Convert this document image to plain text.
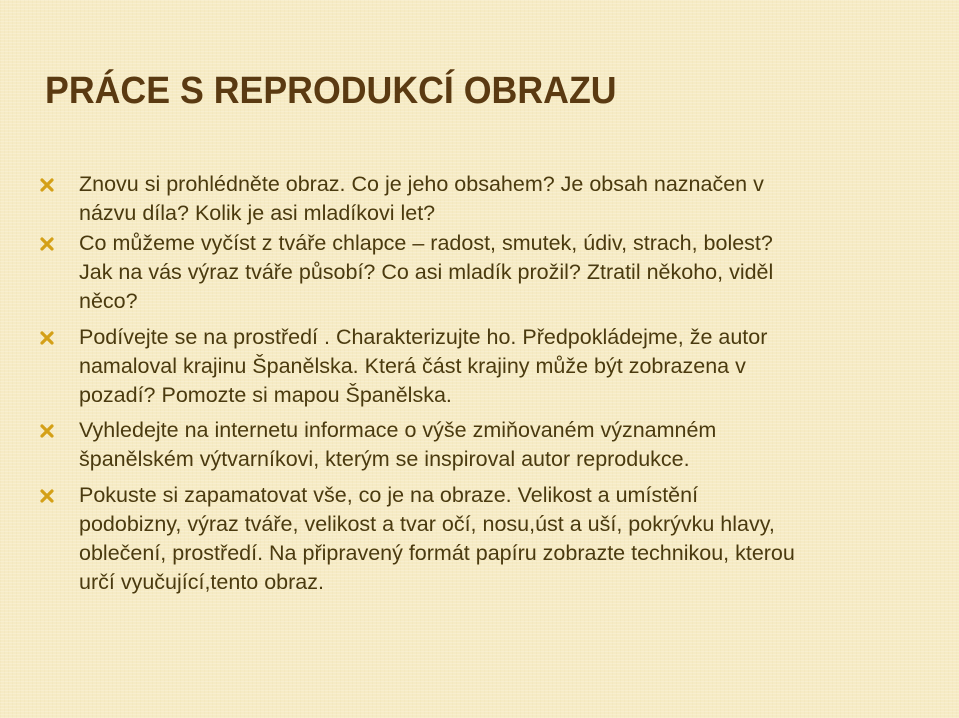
PRÁCE S REPRODUKCÍ OBRAZU
Znovu si prohlédněte obraz. Co je jeho obsahem? Je obsah naznačen v
názvu díla? Kolik je asi mladíkovi let?
Co můžeme vyčíst z tváře chlapce – radost, smutek, údiv, strach, bolest?
Jak na vás výraz tváře působí? Co asi mladík prožil? Ztratil někoho, viděl
něco?
Podívejte se na prostředí . Charakterizujte ho. Předpokládejme, že autor
namaloval krajinu Španělska. Která část krajiny může být zobrazena v
pozadí? Pomozte si mapou Španělska.
Vyhledejte na internetu informace o výše zmiňovaném významném
španělském výtvarníkovi, kterým se inspiroval autor reprodukce.
Pokuste si zapamatovat vše, co je na obraze. Velikost a umístění
podobizny, výraz tváře, velikost a tvar očí, nosu,úst a uší, pokrývku hlavy,
oblečení, prostředí. Na připravený formát papíru zobrazte technikou, kterou
určí vyučující,tento obraz.
